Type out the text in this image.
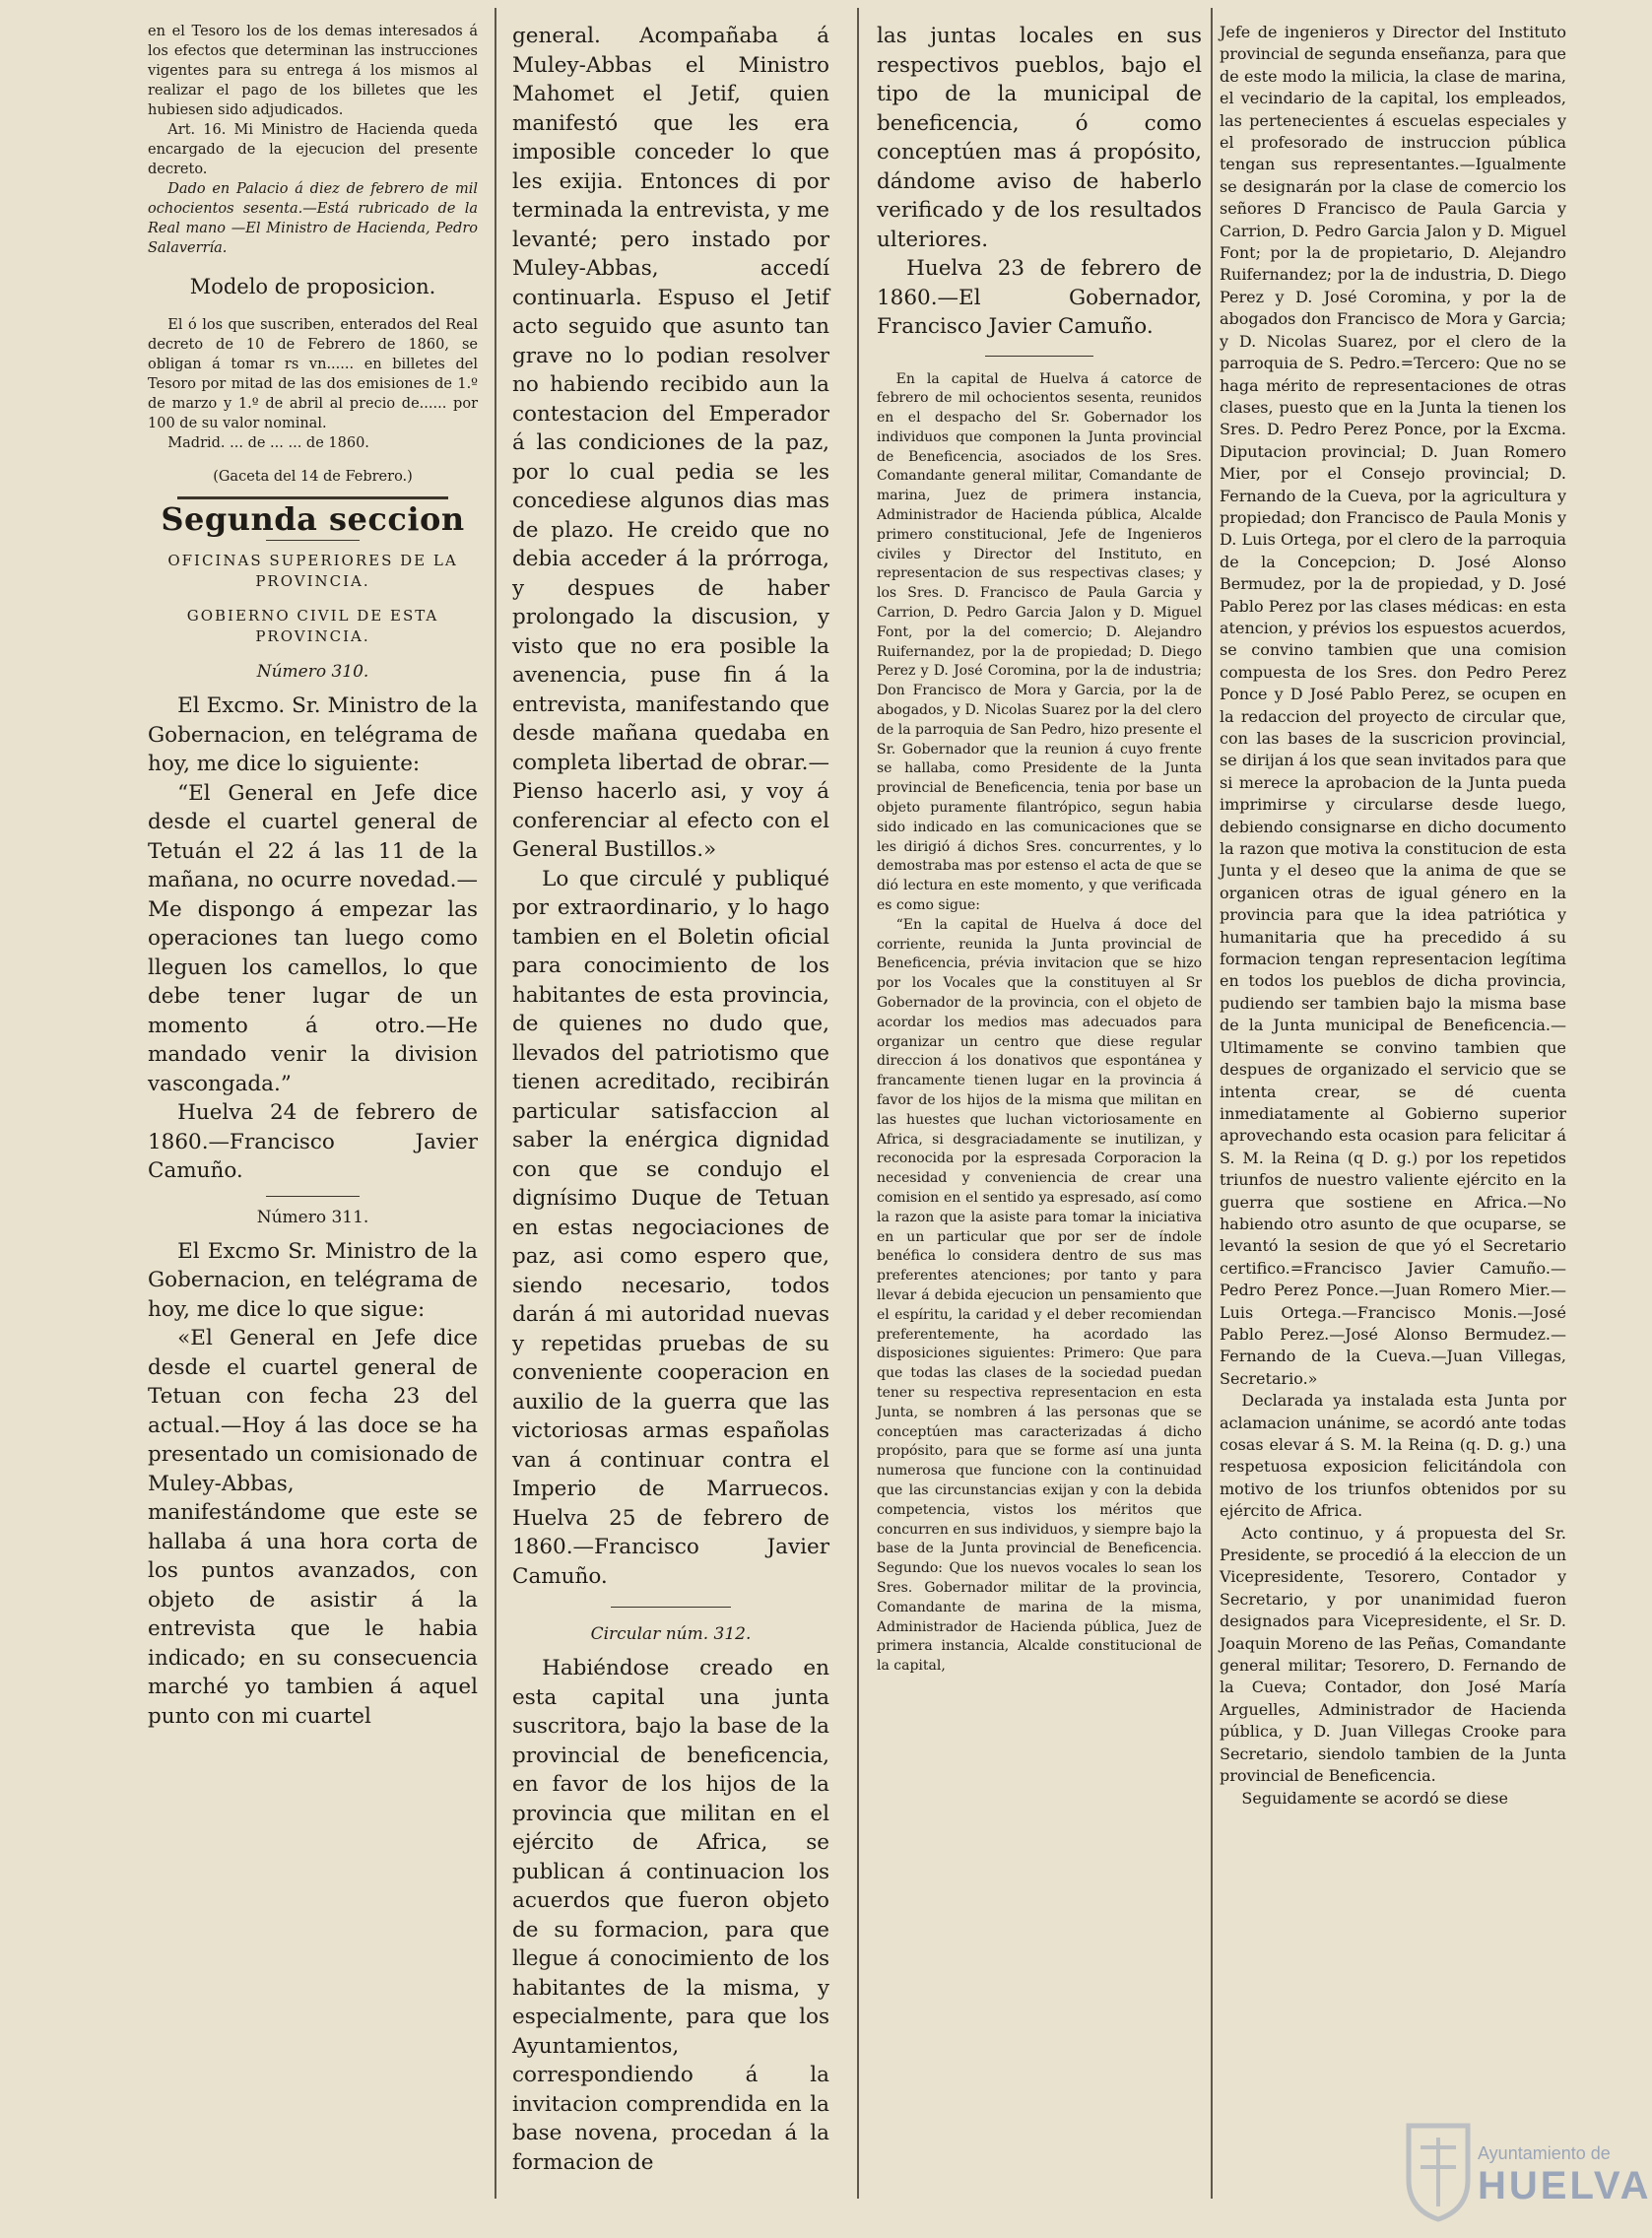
en el Tesoro los de los demas interesados á los efectos que determinan las instrucciones vigentes para su entrega á los mismos al realizar el pago de los billetes que les hubiesen sido adjudicados.

Art. 16. Mi Ministro de Hacienda queda encargado de la ejecucion del presente decreto.

Dado en Palacio á diez de febrero de mil ochocientos sesenta.—Está rubricado de la Real mano —El Ministro de Hacienda, Pedro Salaverría.

Modelo de proposicion.

El ó los que suscriben, enterados del Real decreto de 10 de Febrero de 1860, se obligan á tomar rs vn...... en billetes del Tesoro por mitad de las dos emisiones de 1.º de marzo y 1.º de abril al precio de...... por 100 de su valor nominal.

Madrid. ... de ... ... de 1860.

(Gaceta del 14 de Febrero.)

Segunda seccion

OFICINAS SUPERIORES DE LA PROVINCIA.

GOBIERNO CIVIL DE ESTA PROVINCIA.

Número 310.

El Excmo. Sr. Ministro de la Gobernacion, en telégrama de hoy, me dice lo siguiente:

“El General en Jefe dice desde el cuartel general de Tetuán el 22 á las 11 de la mañana, no ocurre novedad.—Me dispongo á empezar las operaciones tan luego como lleguen los camellos, lo que debe tener lugar de un momento á otro.—He mandado venir la division vascongada.”

Huelva 24 de febrero de 1860.—Francisco Javier Camuño.

Número 311.

El Excmo Sr. Ministro de la Gobernacion, en telégrama de hoy, me dice lo que sigue:

«El General en Jefe dice desde el cuartel general de Tetuan con fecha 23 del actual.—Hoy á las doce se ha presentado un comisionado de Muley-Abbas, manifestándome que este se hallaba á una hora corta de los puntos avanzados, con objeto de asistir á la entrevista que le habia indicado; en su consecuencia marché yo tambien á aquel punto con mi cuartel

general. Acompañaba á Muley-Abbas el Ministro Mahomet el Jetif, quien manifestó que les era imposible conceder lo que les exijia. Entonces di por terminada la entrevista, y me levanté; pero instado por Muley-Abbas, accedí continuarla. Espuso el Jetif acto seguido que asunto tan grave no lo podian resolver no habiendo recibido aun la contestacion del Emperador á las condiciones de la paz, por lo cual pedia se les concediese algunos dias mas de plazo. He creido que no debia acceder á la prórroga, y despues de haber prolongado la discusion, y visto que no era posible la avenencia, puse fin á la entrevista, manifestando que desde mañana quedaba en completa libertad de obrar.—Pienso hacerlo asi, y voy á conferenciar al efecto con el General Bustillos.»

Lo que circulé y publiqué por extraordinario, y lo hago tambien en el Boletin oficial para conocimiento de los habitantes de esta provincia, de quienes no dudo que, llevados del patriotismo que tienen acreditado, recibirán particular satisfaccion al saber la enérgica dignidad con que se condujo el dignísimo Duque de Tetuan en estas negociaciones de paz, asi como espero que, siendo necesario, todos darán á mi autoridad nuevas y repetidas pruebas de su conveniente cooperacion en auxilio de la guerra que las victoriosas armas españolas van á continuar contra el Imperio de Marruecos. Huelva 25 de febrero de 1860.—Francisco Javier Camuño.

Circular núm. 312.

Habiéndose creado en esta capital una junta suscritora, bajo la base de la provincial de beneficencia, en favor de los hijos de la provincia que militan en el ejército de Africa, se publican á continuacion los acuerdos que fueron objeto de su formacion, para que llegue á conocimiento de los habitantes de la misma, y especialmente, para que los Ayuntamientos, correspondiendo á la invitacion comprendida en la base novena, procedan á la formacion de

las juntas locales en sus respectivos pueblos, bajo el tipo de la municipal de beneficencia, ó como conceptúen mas á propósito, dándome aviso de haberlo verificado y de los resultados ulteriores.

Huelva 23 de febrero de 1860.—El Gobernador, Francisco Javier Camuño.

En la capital de Huelva á catorce de febrero de mil ochocientos sesenta, reunidos en el despacho del Sr. Gobernador los individuos que componen la Junta provincial de Beneficencia, asociados de los Sres. Comandante general militar, Comandante de marina, Juez de primera instancia, Administrador de Hacienda pública, Alcalde primero constitucional, Jefe de Ingenieros civiles y Director del Instituto, en representacion de sus respectivas clases; y los Sres. D. Francisco de Paula Garcia y Carrion, D. Pedro Garcia Jalon y D. Miguel Font, por la del comercio; D. Alejandro Ruifernandez, por la de propiedad; D. Diego Perez y D. José Coromina, por la de industria; Don Francisco de Mora y Garcia, por la de abogados, y D. Nicolas Suarez por la del clero de la parroquia de San Pedro, hizo presente el Sr. Gobernador que la reunion á cuyo frente se hallaba, como Presidente de la Junta provincial de Beneficencia, tenia por base un objeto puramente filantrópico, segun habia sido indicado en las comunicaciones que se les dirigió á dichos Sres. concurrentes, y lo demostraba mas por estenso el acta de que se dió lectura en este momento, y que verificada es como sigue:

“En la capital de Huelva á doce del corriente, reunida la Junta provincial de Beneficencia, prévia invitacion que se hizo por los Vocales que la constituyen al Sr Gobernador de la provincia, con el objeto de acordar los medios mas adecuados para organizar un centro que diese regular direccion á los donativos que espontánea y francamente tienen lugar en la provincia á favor de los hijos de la misma que militan en las huestes que luchan victoriosamente en Africa, si desgraciadamente se inutilizan, y reconocida por la espresada Corporacion la necesidad y conveniencia de crear una comision en el sentido ya espresado, así como la razon que la asiste para tomar la iniciativa en un particular que por ser de índole benéfica lo considera dentro de sus mas preferentes atenciones; por tanto y para llevar á debida ejecucion un pensamiento que el espíritu, la caridad y el deber recomiendan preferentemente, ha acordado las disposiciones siguientes: Primero: Que para que todas las clases de la sociedad puedan tener su respectiva representacion en esta Junta, se nombren á las personas que se conceptúen mas caracterizadas á dicho propósito, para que se forme así una junta numerosa que funcione con la continuidad que las circunstancias exijan y con la debida competencia, vistos los méritos que concurren en sus individuos, y siempre bajo la base de la Junta provincial de Beneficencia. Segundo: Que los nuevos vocales lo sean los Sres. Gobernador militar de la provincia, Comandante de marina de la misma, Administrador de Hacienda pública, Juez de primera instancia, Alcalde constitucional de la capital,

Jefe de ingenieros y Director del Instituto provincial de segunda enseñanza, para que de este modo la milicia, la clase de marina, el vecindario de la capital, los empleados, las pertenecientes á escuelas especiales y el profesorado de instruccion pública tengan sus representantes.—Igualmente se designarán por la clase de comercio los señores D Francisco de Paula Garcia y Carrion, D. Pedro Garcia Jalon y D. Miguel Font; por la de propietario, D. Alejandro Ruifernandez; por la de industria, D. Diego Perez y D. José Coromina, y por la de abogados don Francisco de Mora y Garcia; y D. Nicolas Suarez, por el clero de la parroquia de S. Pedro.=Tercero: Que no se haga mérito de representaciones de otras clases, puesto que en la Junta la tienen los Sres. D. Pedro Perez Ponce, por la Excma. Diputacion provincial; D. Juan Romero Mier, por el Consejo provincial; D. Fernando de la Cueva, por la agricultura y propiedad; don Francisco de Paula Monis y D. Luis Ortega, por el clero de la parroquia de la Concepcion; D. José Alonso Bermudez, por la de propiedad, y D. José Pablo Perez por las clases médicas: en esta atencion, y prévios los espuestos acuerdos, se convino tambien que una comision compuesta de los Sres. don Pedro Perez Ponce y D José Pablo Perez, se ocupen en la redaccion del proyecto de circular que, con las bases de la suscricion provincial, se dirijan á los que sean invitados para que si merece la aprobacion de la Junta pueda imprimirse y circularse desde luego, debiendo consignarse en dicho documento la razon que motiva la constitucion de esta Junta y el deseo que la anima de que se organicen otras de igual género en la provincia para que la idea patriótica y humanitaria que ha precedido á su formacion tengan representacion legítima en todos los pueblos de dicha provincia, pudiendo ser tambien bajo la misma base de la Junta municipal de Beneficencia.—Ultimamente se convino tambien que despues de organizado el servicio que se intenta crear, se dé cuenta inmediatamente al Gobierno superior aprovechando esta ocasion para felicitar á S. M. la Reina (q D. g.) por los repetidos triunfos de nuestro valiente ejército en la guerra que sostiene en Africa.—No habiendo otro asunto de que ocuparse, se levantó la sesion de que yó el Secretario certifico.=Francisco Javier Camuño.—Pedro Perez Ponce.—Juan Romero Mier.—Luis Ortega.—Francisco Monis.—José Pablo Perez.—José Alonso Bermudez.—Fernando de la Cueva.—Juan Villegas, Secretario.»

Declarada ya instalada esta Junta por aclamacion unánime, se acordó ante todas cosas elevar á S. M. la Reina (q. D. g.) una respetuosa exposicion felicitándola con motivo de los triunfos obtenidos por su ejército de Africa.

Acto continuo, y á propuesta del Sr. Presidente, se procedió á la eleccion de un Vicepresidente, Tesorero, Contador y Secretario, y por unanimidad fueron designados para Vicepresidente, el Sr. D. Joaquin Moreno de las Peñas, Comandante general militar; Tesorero, D. Fernando de la Cueva; Contador, don José María Arguelles, Administrador de Hacienda pública, y D. Juan Villegas Crooke para Secretario, siendolo tambien de la Junta provincial de Beneficencia.

Seguidamente se acordó se diese

Ayuntamiento de
HUELVA
